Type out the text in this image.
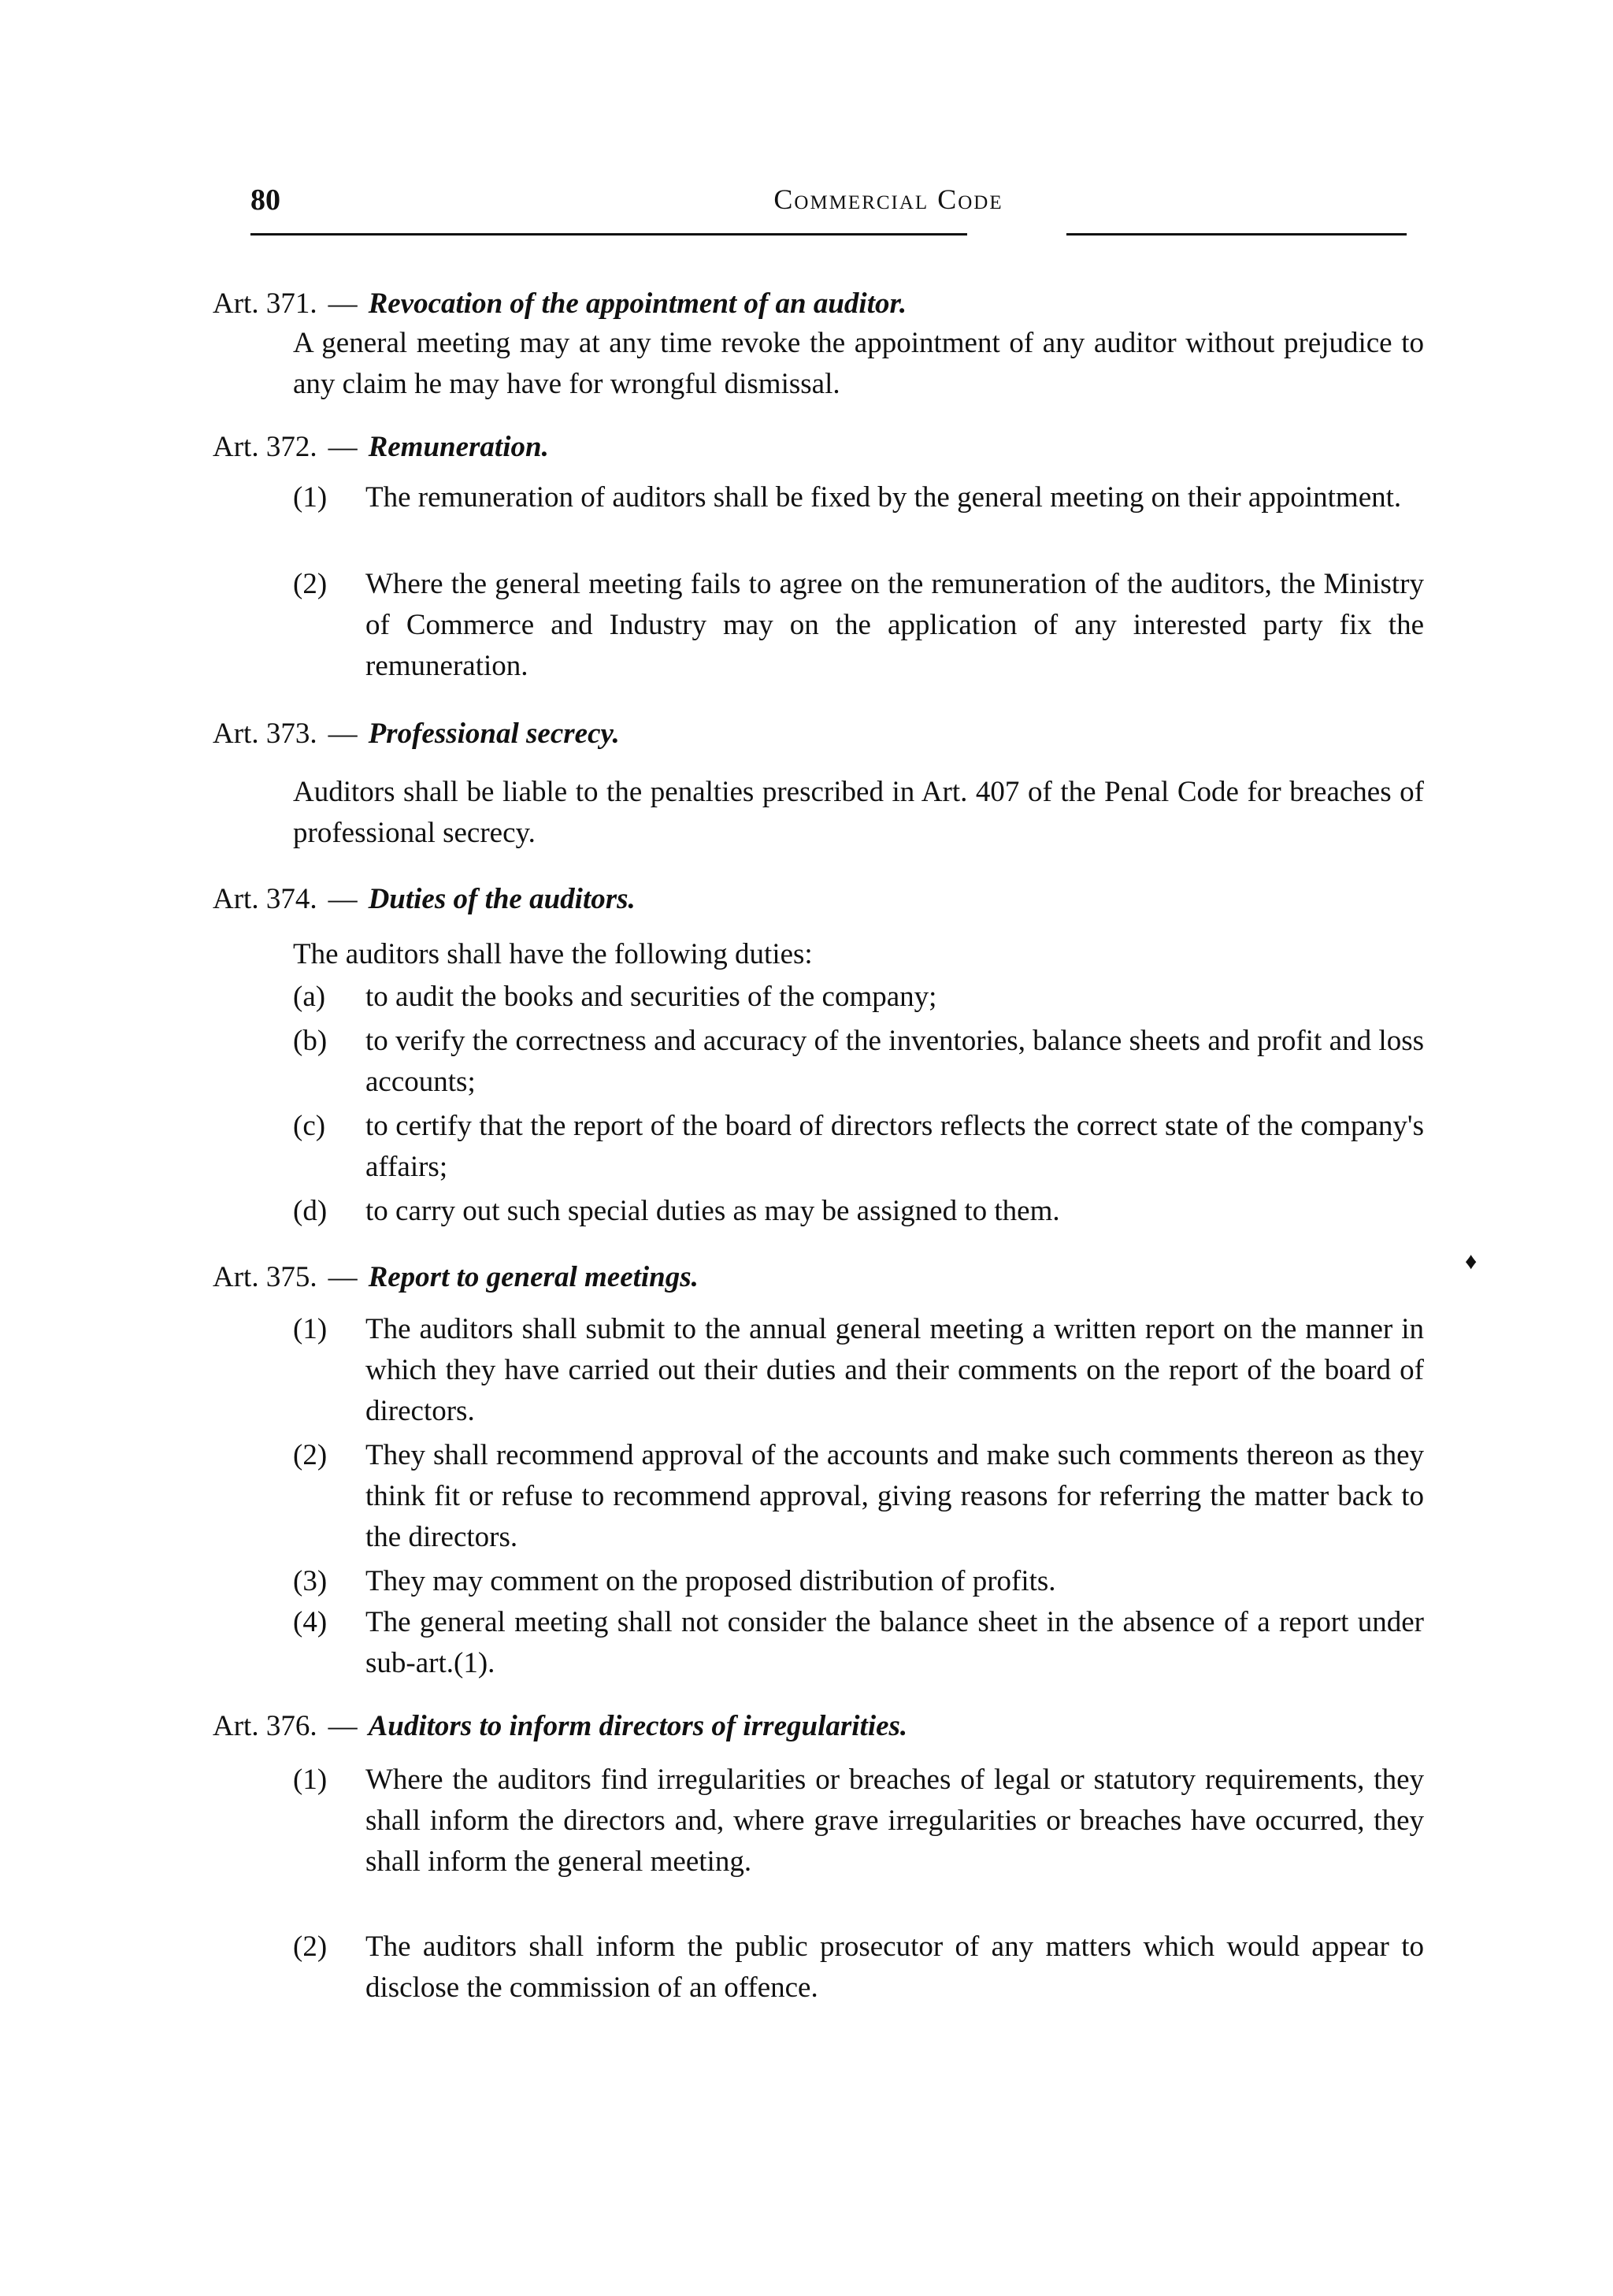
80	Commercial Code
Art. 371. — Revocation of the appointment of an auditor.
A general meeting may at any time revoke the appointment of any auditor without prejudice to any claim he may have for wrongful dismissal.
Art. 372. — Remuneration.
(1)	The remuneration of auditors shall be fixed by the general meeting on their appointment.
(2)	Where the general meeting fails to agree on the remuneration of the auditors, the Ministry of Commerce and Industry may on the application of any interested party fix the remuneration.
Art. 373. — Professional secrecy.
Auditors shall be liable to the penalties prescribed in Art. 407 of the Penal Code for breaches of professional secrecy.
Art. 374. — Duties of the auditors.
The auditors shall have the following duties:
(a)	to audit the books and securities of the company;
(b)	to verify the correctness and accuracy of the inventories, balance sheets and profit and loss accounts;
(c)	to certify that the report of the board of directors reflects the correct state of the company's affairs;
(d)	to carry out such special duties as may be assigned to them.
Art. 375. — Report to general meetings.
(1)	The auditors shall submit to the annual general meeting a written report on the manner in which they have carried out their duties and their comments on the report of the board of directors.
(2)	They shall recommend approval of the accounts and make such comments thereon as they think fit or refuse to recommend approval, giving reasons for referring the matter back to the directors.
(3)	They may comment on the proposed distribution of profits.
(4)	The general meeting shall not consider the balance sheet in the absence of a report under sub-art.(1).
Art. 376. — Auditors to inform directors of irregularities.
(1)	Where the auditors find irregularities or breaches of legal or statutory requirements, they shall inform the directors and, where grave irregularities or breaches have occurred, they shall inform the general meeting.
(2)	The auditors shall inform the public prosecutor of any matters which would appear to disclose the commission of an offence.
♦
